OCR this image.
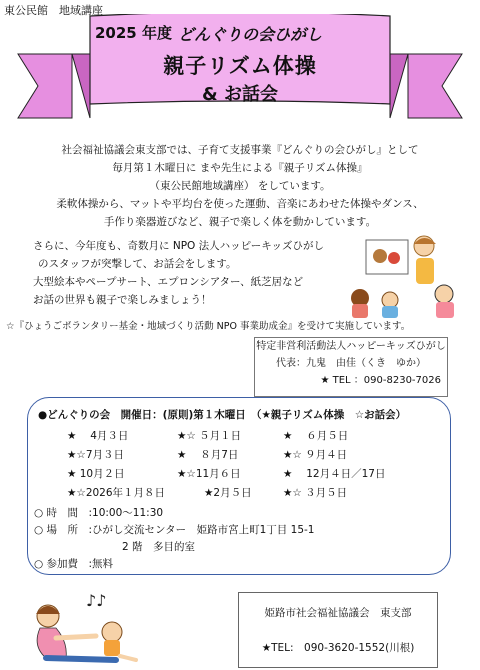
東公民館　地域講座
2025 年度 どんぐりの会ひがし
親子リズム体操
& お話会
社会福祉協議会東支部では、子育て支援事業『どんぐりの会ひがし』として
毎月第１木曜日に まや先生による『親子リズム体操』
（東公民館地域講座） をしています。
柔軟体操から、マットや平均台を使った運動、音楽にあわせた体操やダンス、
手作り楽器遊びなど、親子で楽しく体を動かしています。
さらに、今年度も、奇数月に NPO 法人ハッピーキッズひがし
のスタッフが突撃して、お話会をします。
大型絵本やペープサート、エプロンシアター、紙芝居など
お話の世界も親子で楽しみましょう！
☆『ひょうごボランタリー基金・地域づくり活動 NPO 事業助成金』を受けて実施しています。
特定非営利活動法人ハッピーキッズひがし
代表：九鬼　由佳（くき　ゆか）
★ TEL ：090-8230-7026
●どんぐりの会　開催日：(原則)第１木曜日　（★親子リズム体操　☆お話会）
★　 4月３日	★☆ ５月１日	★　 ６月５日
★☆7月３日	★　 ８月7日	★☆ ９月４日
★ 10月２日	★☆11月６日	★　 12月４日／17日
★☆2026年１月８日	★2月５日	★☆ ３月５日
○ 時　間　:10:00～11:30
○ 場　所　:ひがし交流センター　姫路市宮上町1丁目 15-1
2 階　多目的室
○ 参加費　:無料
♪♪
姫路市社会福祉協議会　東支部
★TEL:　090-3620-1552(川根)
